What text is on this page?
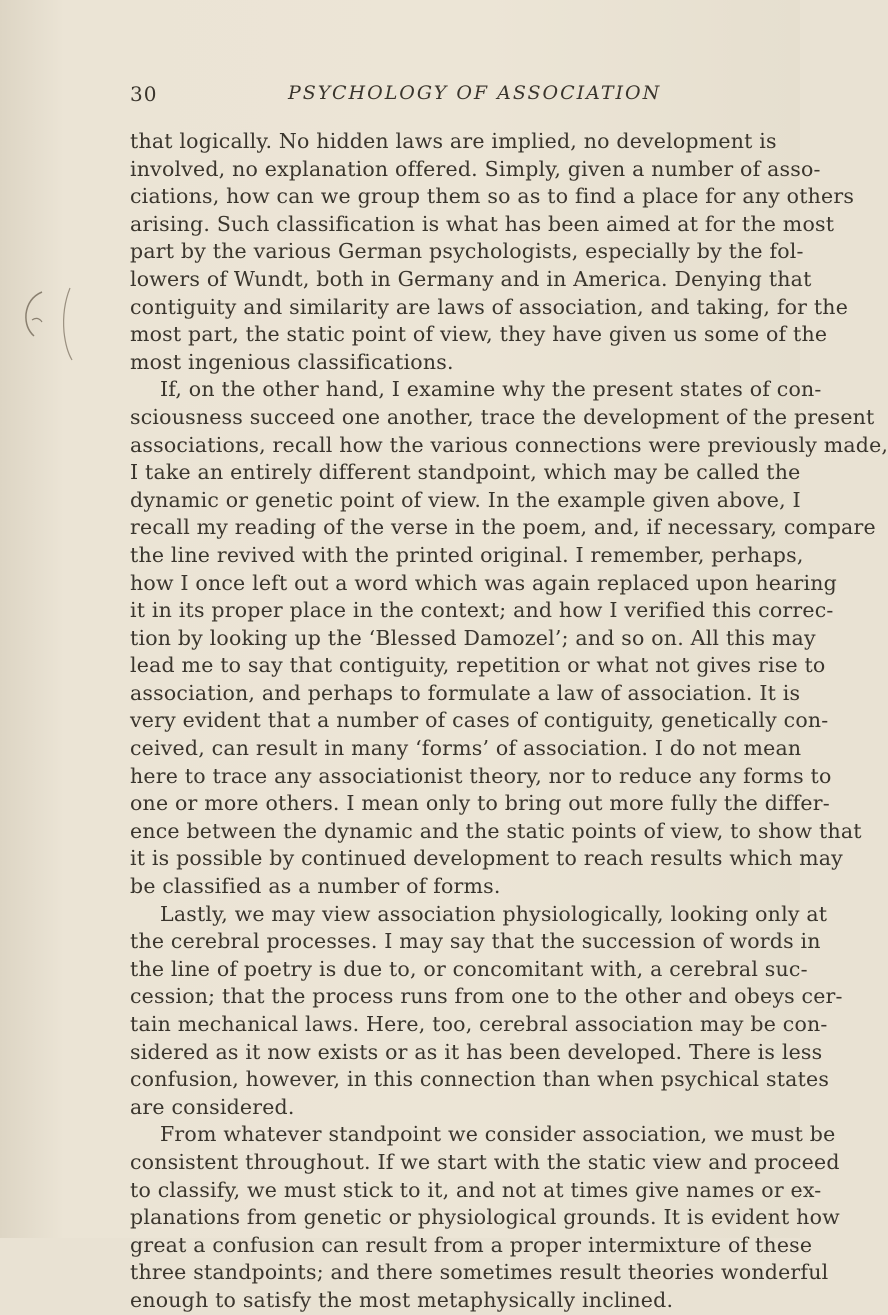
30	PSYCHOLOGY OF ASSOCIATION
that logically. No hidden laws are implied, no development is
involved, no explanation offered. Simply, given a number of asso-
ciations, how can we group them so as to find a place for any others
arising. Such classification is what has been aimed at for the most
part by the various German psychologists, especially by the fol-
lowers of Wundt, both in Germany and in America. Denying that
contiguity and similarity are laws of association, and taking, for the
most part, the static point of view, they have given us some of the
most ingenious classifications.
If, on the other hand, I examine why the present states of con-
sciousness succeed one another, trace the development of the present
associations, recall how the various connections were previously made,
I take an entirely different standpoint, which may be called the
dynamic or genetic point of view. In the example given above, I
recall my reading of the verse in the poem, and, if necessary, compare
the line revived with the printed original. I remember, perhaps,
how I once left out a word which was again replaced upon hearing
it in its proper place in the context; and how I verified this correc-
tion by looking up the ‘Blessed Damozel’; and so on. All this may
lead me to say that contiguity, repetition or what not gives rise to
association, and perhaps to formulate a law of association. It is
very evident that a number of cases of contiguity, genetically con-
ceived, can result in many ‘forms’ of association. I do not mean
here to trace any associationist theory, nor to reduce any forms to
one or more others. I mean only to bring out more fully the differ-
ence between the dynamic and the static points of view, to show that
it is possible by continued development to reach results which may
be classified as a number of forms.
Lastly, we may view association physiologically, looking only at
the cerebral processes. I may say that the succession of words in
the line of poetry is due to, or concomitant with, a cerebral suc-
cession; that the process runs from one to the other and obeys cer-
tain mechanical laws. Here, too, cerebral association may be con-
sidered as it now exists or as it has been developed. There is less
confusion, however, in this connection than when psychical states
are considered.
From whatever standpoint we consider association, we must be
consistent throughout. If we start with the static view and proceed
to classify, we must stick to it, and not at times give names or ex-
planations from genetic or physiological grounds. It is evident how
great a confusion can result from a proper intermixture of these
three standpoints; and there sometimes result theories wonderful
enough to satisfy the most metaphysically inclined.
